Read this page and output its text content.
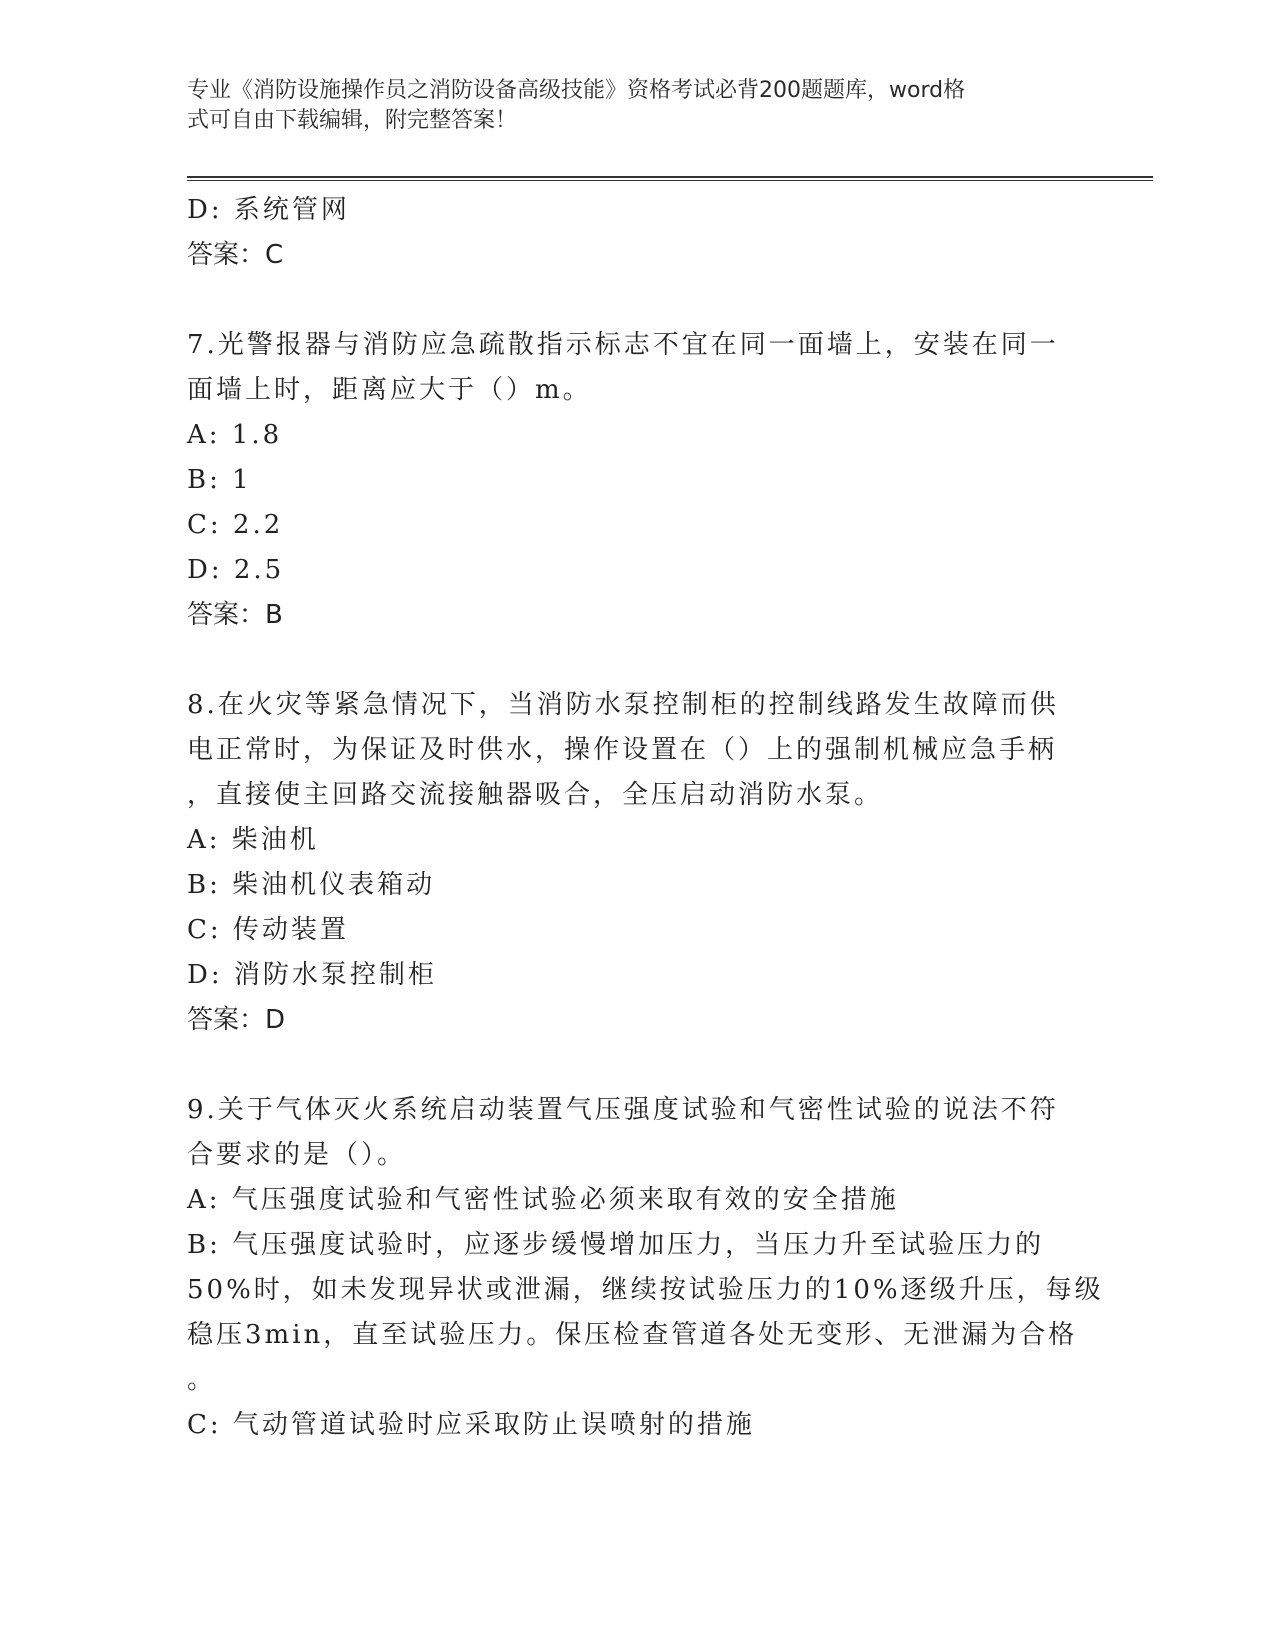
专业《消防设施操作员之消防设备高级技能》资格考试必背200题题库，word格
式可自由下载编辑，附完整答案！
D: 系统管网
答案：C
7.光警报器与消防应急疏散指示标志不宜在同一面墙上，安装在同一
面墙上时，距离应大于（）m。
A: 1.8
B: 1
C: 2.2
D: 2.5
答案：B
8.在火灾等紧急情况下，当消防水泵控制柜的控制线路发生故障而供
电正常时，为保证及时供水，操作设置在（）上的强制机械应急手柄
，直接使主回路交流接触器吸合，全压启动消防水泵。
A: 柴油机
B: 柴油机仪表箱动
C: 传动装置
D: 消防水泵控制柜
答案：D
9.关于气体灭火系统启动装置气压强度试验和气密性试验的说法不符
合要求的是（）。
A: 气压强度试验和气密性试验必须来取有效的安全措施
B: 气压强度试验时，应逐步缓慢增加压力，当压力升至试验压力的
50%时，如未发现异状或泄漏，继续按试验压力的10%逐级升压，每级
稳压3min，直至试验压力。保压检查管道各处无变形、无泄漏为合格
。
C: 气动管道试验时应采取防止误喷射的措施
